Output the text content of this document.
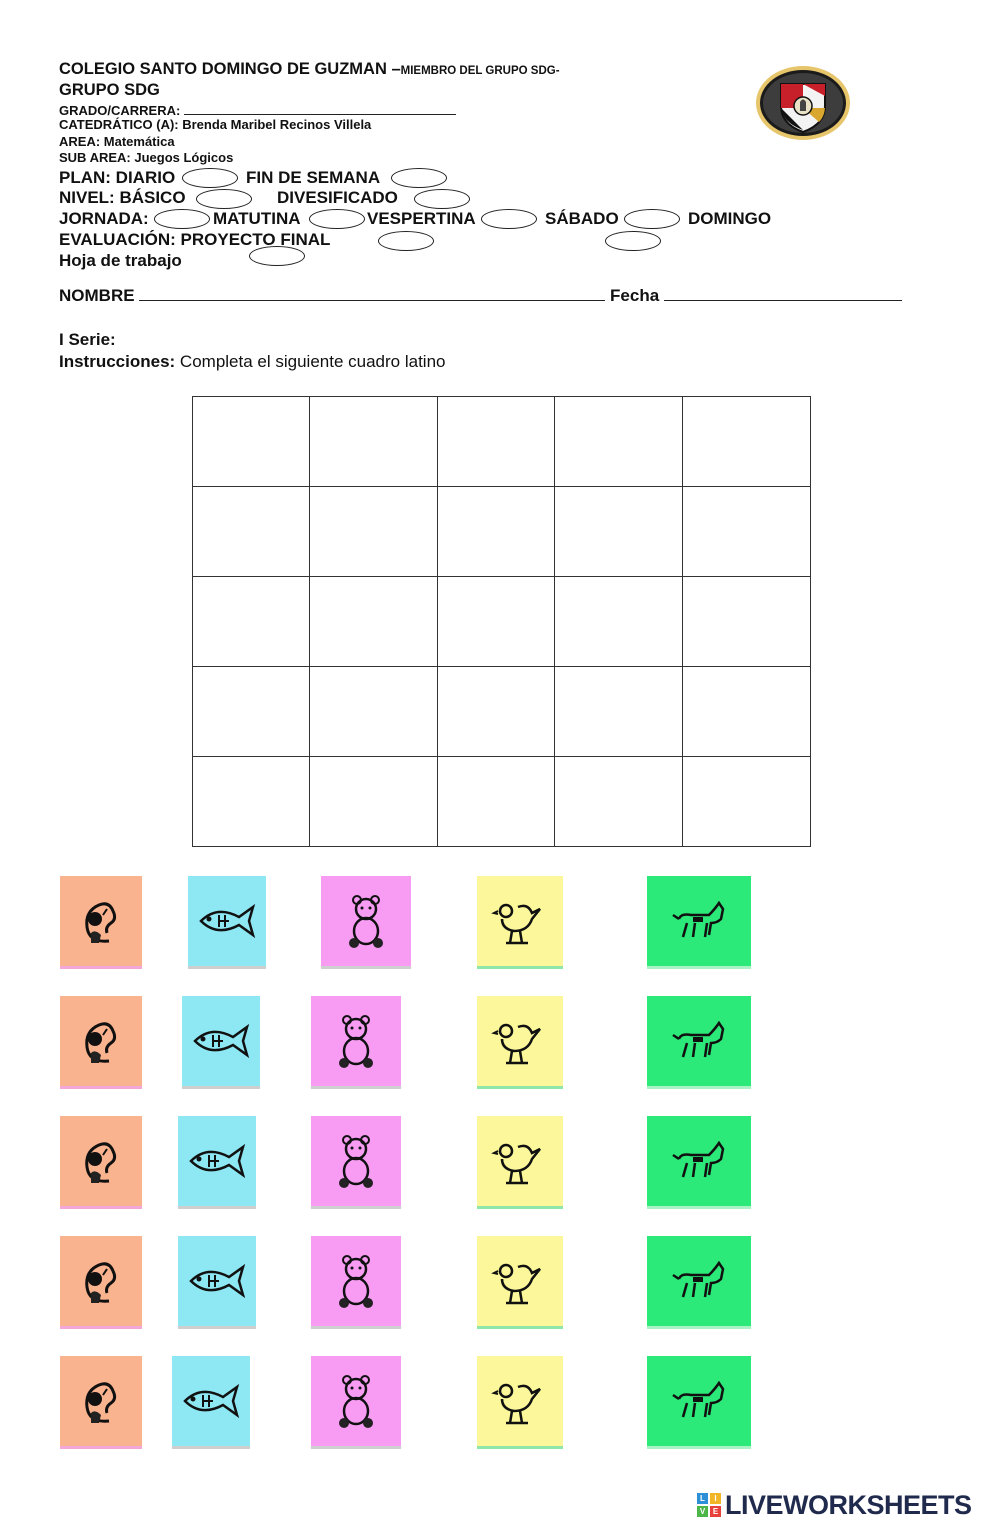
COLEGIO SANTO DOMINGO DE GUZMAN –MIEMBRO DEL GRUPO SDG-
GRUPO SDG
GRADO/CARRERA:
CATEDRÁTICO (A): Brenda Maribel Recinos Villela
AREA: Matemática
SUB AREA: Juegos Lógicos
PLAN: DIARIO	FIN DE SEMANA
NIVEL: BÁSICO	DIVESIFICADO
JORNADA:	MATUTINA	VESPERTINA	SÁBADO	DOMINGO
EVALUACIÓN: PROYECTO FINAL
Hoja de trabajo
NOMBRE	Fecha
I Serie:
Instrucciones: Completa el siguiente cuadro latino

L	I
V E LIVEWORKSHEETS
